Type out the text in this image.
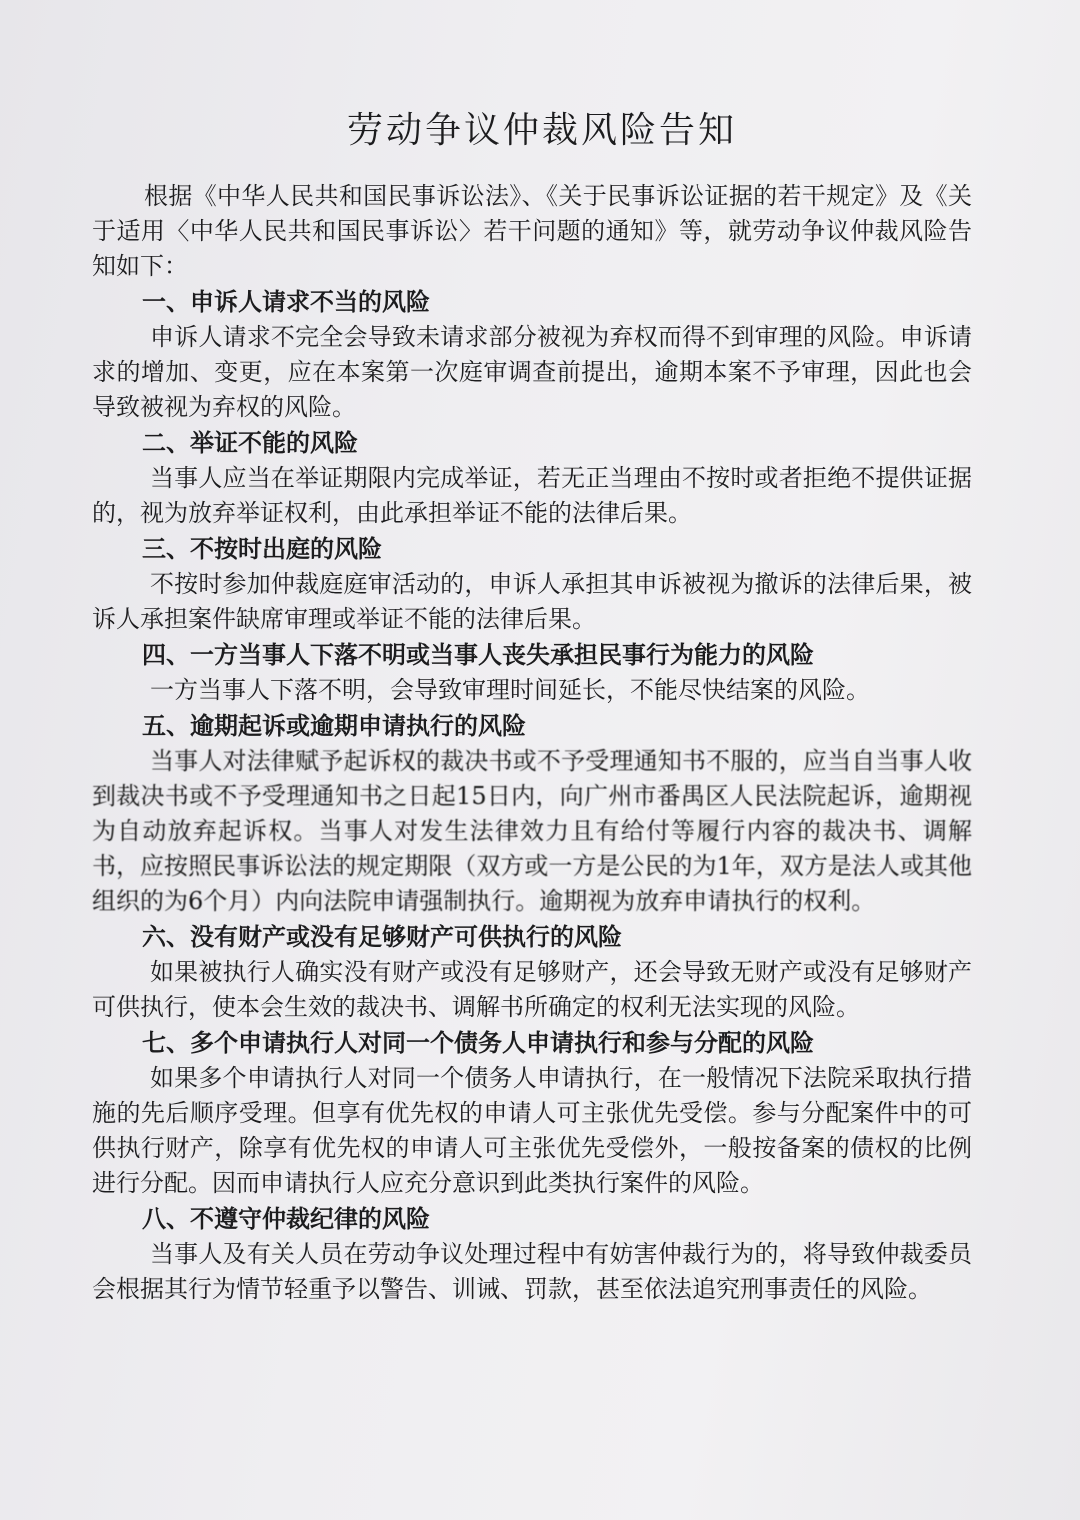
劳动争议仲裁风险告知

根据《中华人民共和国民事诉讼法》、《关于民事诉讼证据的若干规定》及《关于适用〈中华人民共和国民事诉讼〉若干问题的通知》等，就劳动争议仲裁风险告知如下：

一、申诉人请求不当的风险

申诉人请求不完全会导致未请求部分被视为弃权而得不到审理的风险。申诉请求的增加、变更，应在本案第一次庭审调查前提出，逾期本案不予审理，因此也会导致被视为弃权的风险。

二、举证不能的风险

当事人应当在举证期限内完成举证，若无正当理由不按时或者拒绝不提供证据的，视为放弃举证权利，由此承担举证不能的法律后果。

三、不按时出庭的风险

不按时参加仲裁庭庭审活动的，申诉人承担其申诉被视为撤诉的法律后果，被诉人承担案件缺席审理或举证不能的法律后果。

四、一方当事人下落不明或当事人丧失承担民事行为能力的风险

一方当事人下落不明，会导致审理时间延长，不能尽快结案的风险。

五、逾期起诉或逾期申请执行的风险

当事人对法律赋予起诉权的裁决书或不予受理通知书不服的，应当自当事人收到裁决书或不予受理通知书之日起15日内，向广州市番禺区人民法院起诉，逾期视为自动放弃起诉权。当事人对发生法律效力且有给付等履行内容的裁决书、调解书，应按照民事诉讼法的规定期限（双方或一方是公民的为1年，双方是法人或其他组织的为6个月）内向法院申请强制执行。逾期视为放弃申请执行的权利。

六、没有财产或没有足够财产可供执行的风险

如果被执行人确实没有财产或没有足够财产，还会导致无财产或没有足够财产可供执行，使本会生效的裁决书、调解书所确定的权利无法实现的风险。

七、多个申请执行人对同一个债务人申请执行和参与分配的风险

如果多个申请执行人对同一个债务人申请执行，在一般情况下法院采取执行措施的先后顺序受理。但享有优先权的申请人可主张优先受偿。参与分配案件中的可供执行财产，除享有优先权的申请人可主张优先受偿外，一般按备案的债权的比例进行分配。因而申请执行人应充分意识到此类执行案件的风险。

八、不遵守仲裁纪律的风险

当事人及有关人员在劳动争议处理过程中有妨害仲裁行为的，将导致仲裁委员会根据其行为情节轻重予以警告、训诫、罚款，甚至依法追究刑事责任的风险。
